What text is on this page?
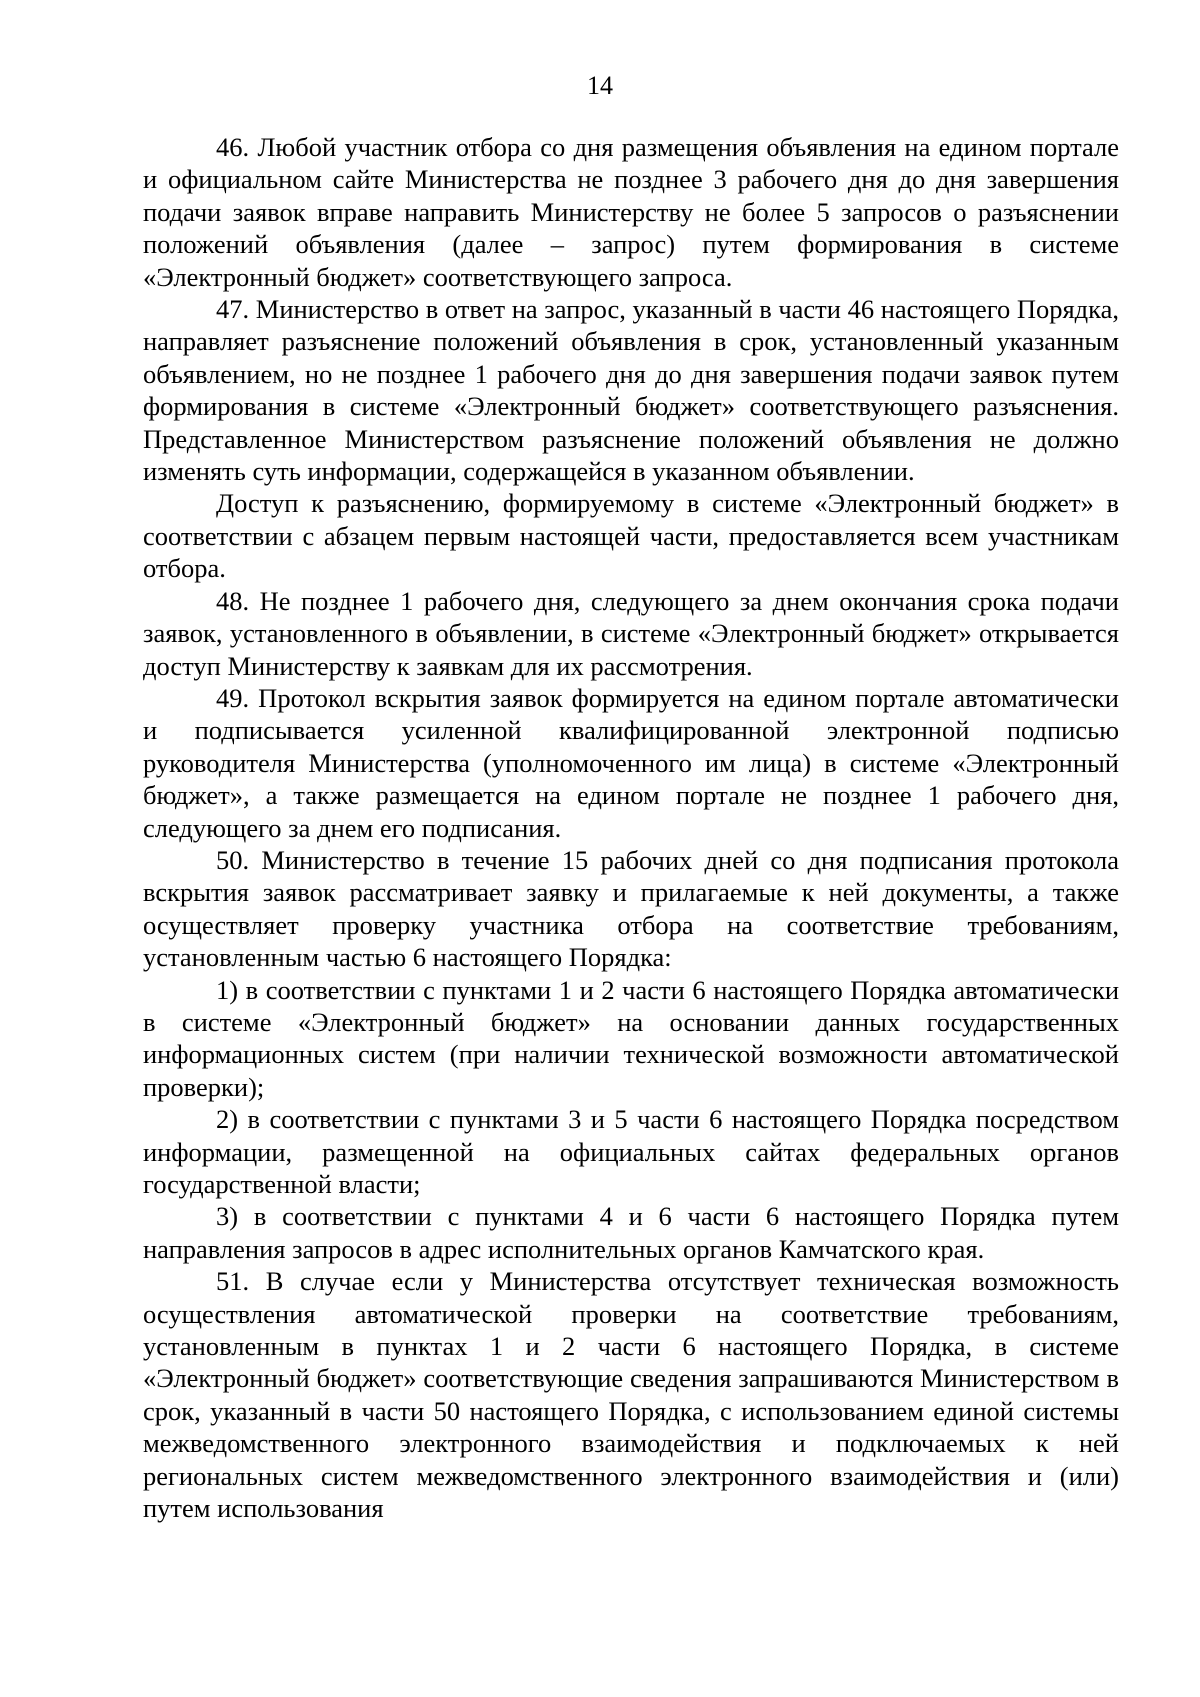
14

46. Любой участник отбора со дня размещения объявления на едином портале и официальном сайте Министерства не позднее 3 рабочего дня до дня завершения подачи заявок вправе направить Министерству не более 5 запросов о разъяснении положений объявления (далее – запрос) путем формирования в системе «Электронный бюджет» соответствующего запроса.

47. Министерство в ответ на запрос, указанный в части 46 настоящего Порядка, направляет разъяснение положений объявления в срок, установленный указанным объявлением, но не позднее 1 рабочего дня до дня завершения подачи заявок путем формирования в системе «Электронный бюджет» соответствующего разъяснения. Представленное Министерством разъяснение положений объявления не должно изменять суть информации, содержащейся в указанном объявлении.

Доступ к разъяснению, формируемому в системе «Электронный бюджет» в соответствии с абзацем первым настоящей части, предоставляется всем участникам отбора.

48. Не позднее 1 рабочего дня, следующего за днем окончания срока подачи заявок, установленного в объявлении, в системе «Электронный бюджет» открывается доступ Министерству к заявкам для их рассмотрения.

49. Протокол вскрытия заявок формируется на едином портале автоматически и подписывается усиленной квалифицированной электронной подписью руководителя Министерства (уполномоченного им лица) в системе «Электронный бюджет», а также размещается на едином портале не позднее 1 рабочего дня, следующего за днем его подписания.

50. Министерство в течение 15 рабочих дней со дня подписания протокола вскрытия заявок рассматривает заявку и прилагаемые к ней документы, а также осуществляет проверку участника отбора на соответствие требованиям, установленным частью 6 настоящего Порядка:

1) в соответствии с пунктами 1 и 2 части 6 настоящего Порядка автоматически в системе «Электронный бюджет» на основании данных государственных информационных систем (при наличии технической возможности автоматической проверки);

2) в соответствии с пунктами 3 и 5 части 6 настоящего Порядка посредством информации, размещенной на официальных сайтах федеральных органов государственной власти;

3) в соответствии с пунктами 4 и 6 части 6 настоящего Порядка путем направления запросов в адрес исполнительных органов Камчатского края.

51. В случае если у Министерства отсутствует техническая возможность осуществления автоматической проверки на соответствие требованиям, установленным в пунктах 1 и 2 части 6 настоящего Порядка, в системе «Электронный бюджет» соответствующие сведения запрашиваются Министерством в срок, указанный в части 50 настоящего Порядка, с использованием единой системы межведомственного электронного взаимодействия и подключаемых к ней региональных систем межведомственного электронного взаимодействия и (или) путем использования
